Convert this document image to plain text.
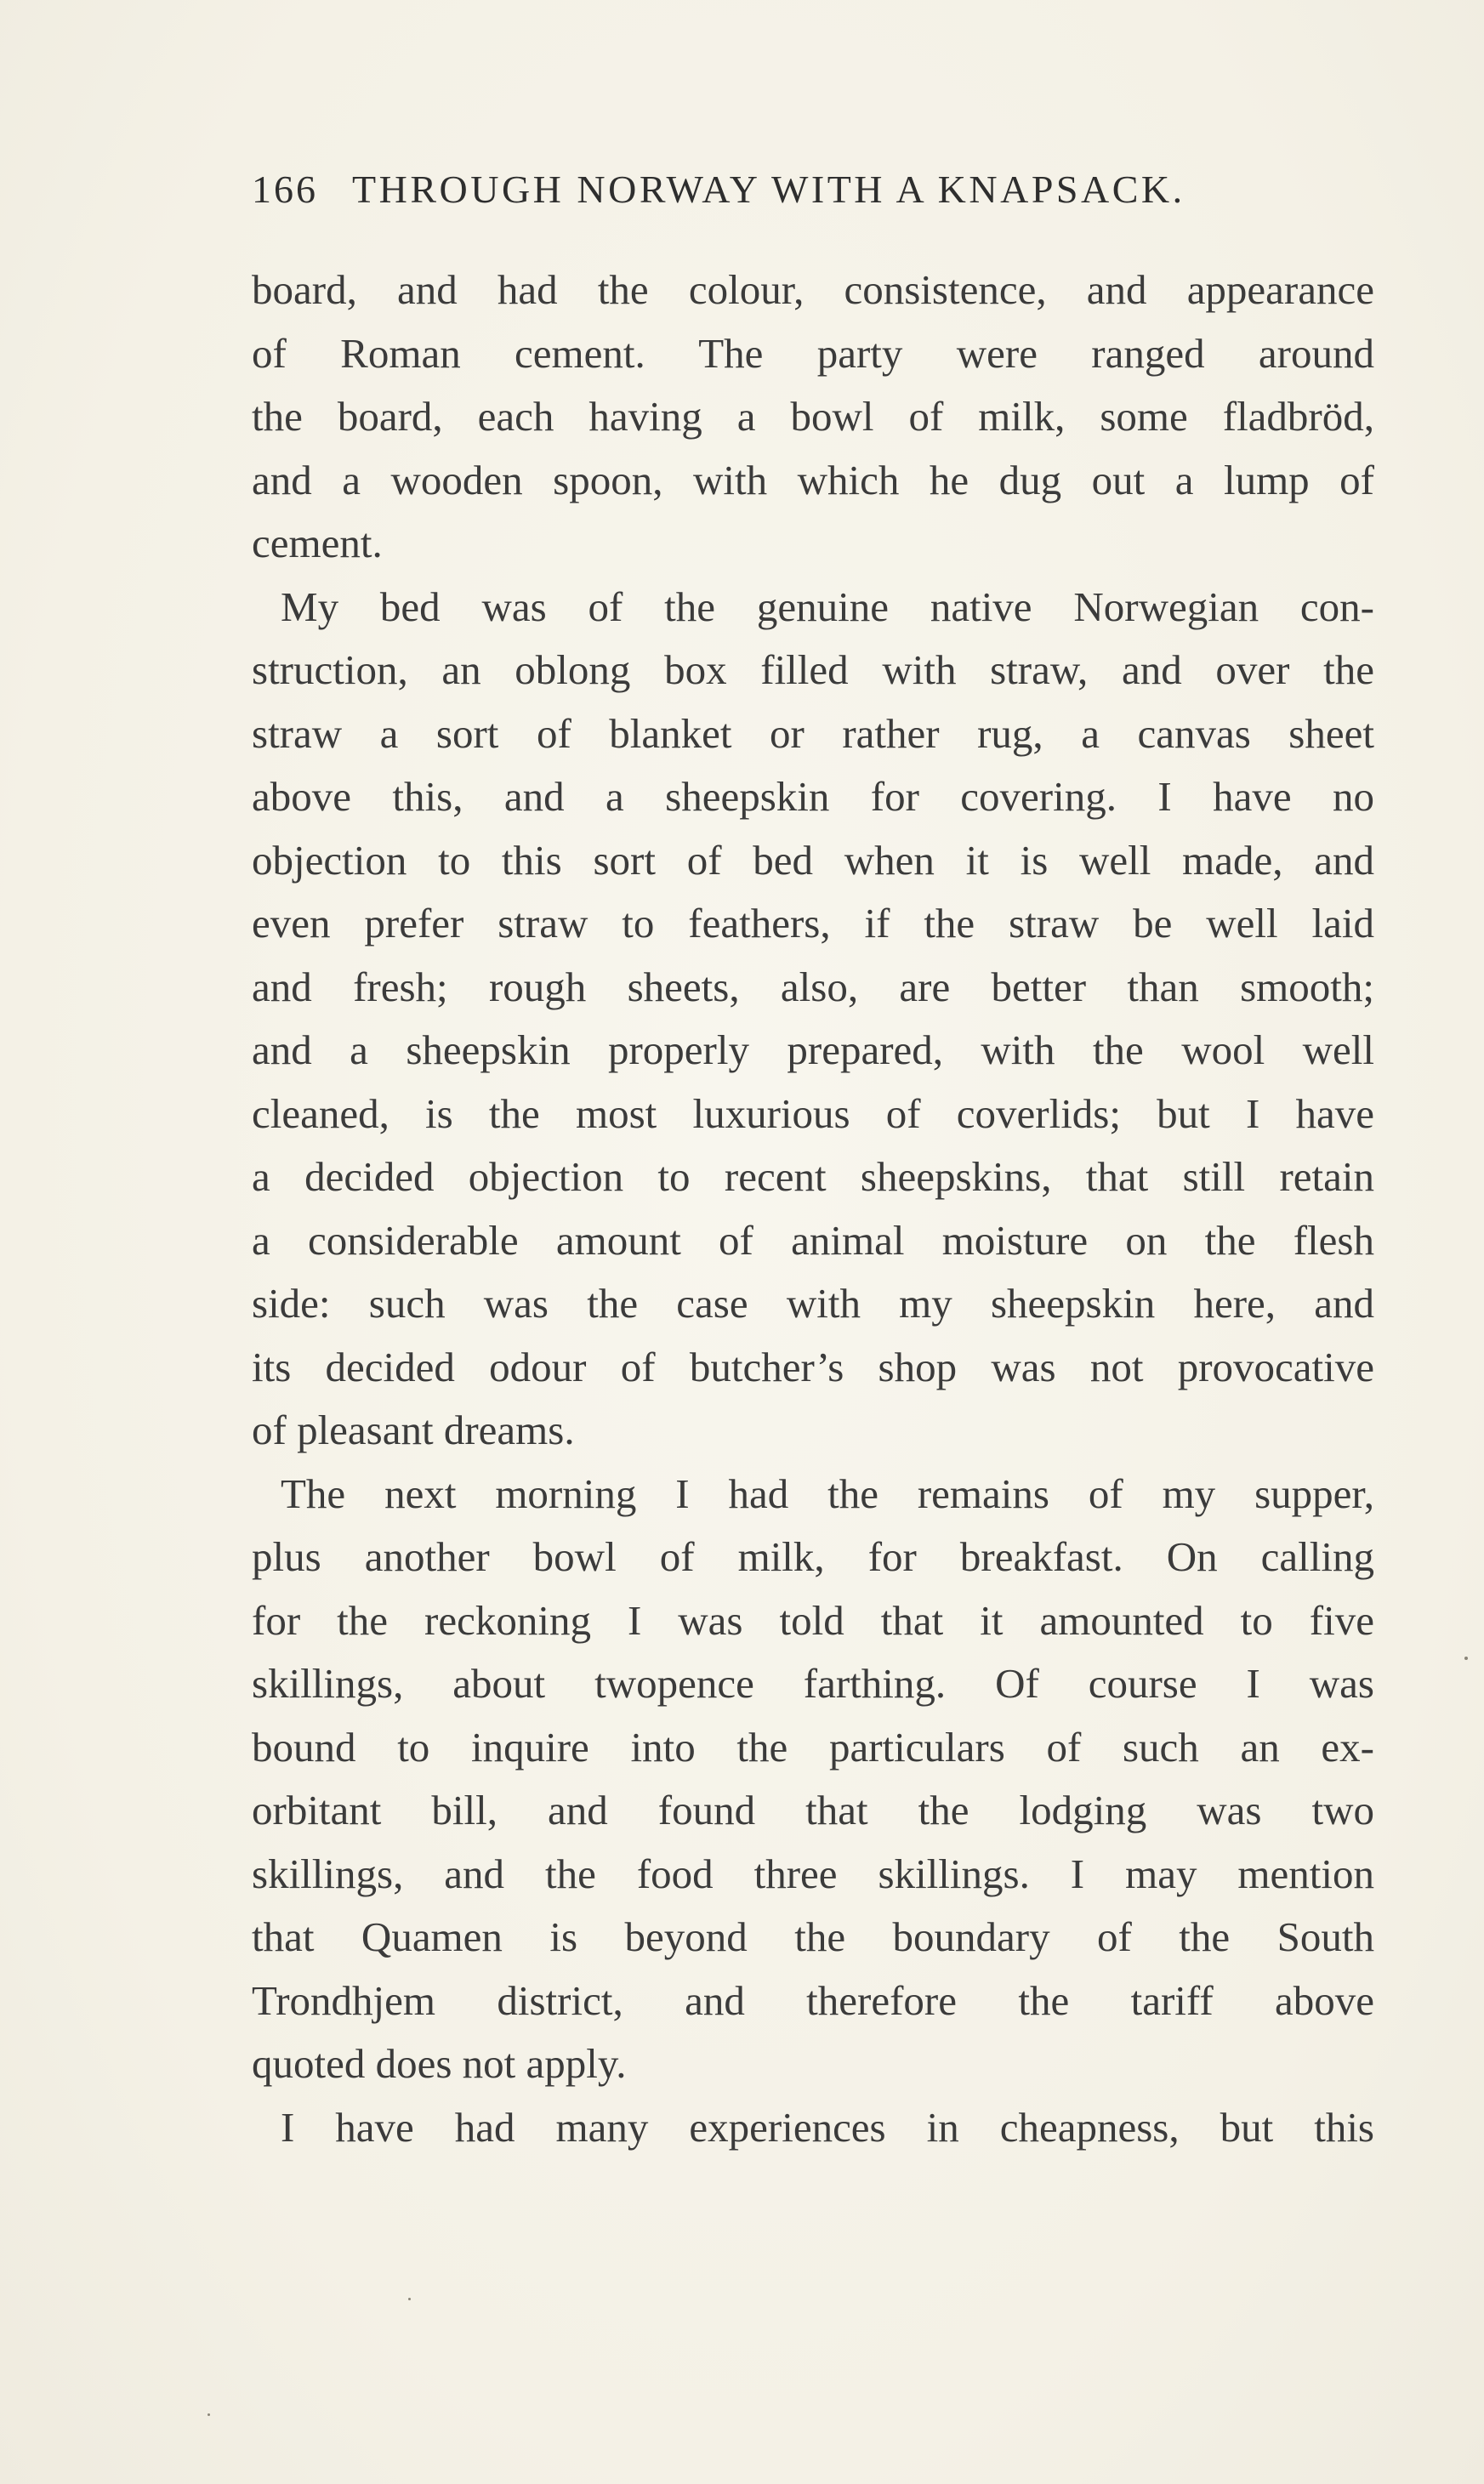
166 THROUGH NORWAY WITH A KNAPSACK.
board, and had the colour, consistence, and appearance
of Roman cement. The party were ranged around
the board, each having a bowl of milk, some fladbröd,
and a wooden spoon, with which he dug out a lump of
cement.
My bed was of the genuine native Norwegian con-
struction, an oblong box filled with straw, and over the
straw a sort of blanket or rather rug, a canvas sheet
above this, and a sheepskin for covering. I have no
objection to this sort of bed when it is well made, and
even prefer straw to feathers, if the straw be well laid
and fresh; rough sheets, also, are better than smooth;
and a sheepskin properly prepared, with the wool well
cleaned, is the most luxurious of coverlids; but I have
a decided objection to recent sheepskins, that still retain
a considerable amount of animal moisture on the flesh
side: such was the case with my sheepskin here, and
its decided odour of butcher’s shop was not provocative
of pleasant dreams.
The next morning I had the remains of my supper,
plus another bowl of milk, for breakfast. On calling
for the reckoning I was told that it amounted to five
skillings, about twopence farthing. Of course I was
bound to inquire into the particulars of such an ex-
orbitant bill, and found that the lodging was two
skillings, and the food three skillings. I may mention
that Quamen is beyond the boundary of the South
Trondhjem district, and therefore the tariff above
quoted does not apply.
I have had many experiences in cheapness, but this
